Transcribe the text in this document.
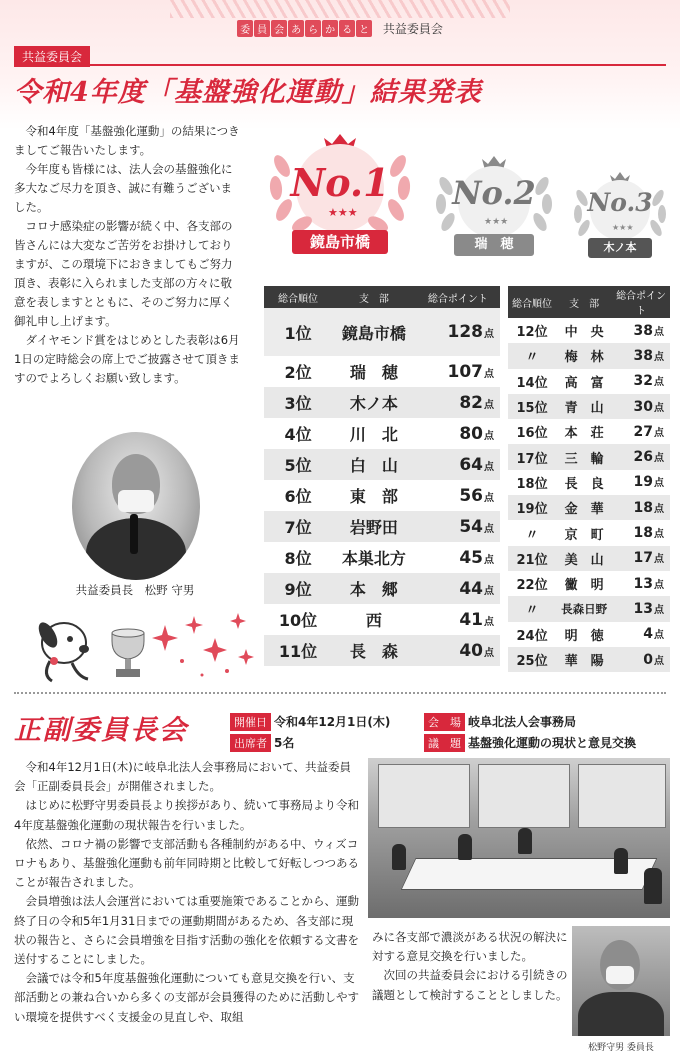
委 員 会 あ ら か る と 共益委員会
共益委員会
令和4年度「基盤強化運動」結果発表

令和4年度「基盤強化運動」の結果につきましてご報告いたします。

今年度も皆様には、法人会の基盤強化に多大なご尽力を頂き、誠に有難うございました。

コロナ感染症の影響が続く中、各支部の皆さんには大変なご苦労をお掛けしておりますが、この環境下におきましてもご努力頂き、表彰に入られました支部の方々に敬意を表しますとともに、そのご努力に厚く御礼申し上げます。

ダイヤモンド賞をはじめとした表彰は6月1日の定時総会の席上でご披露させて頂きますのでよろしくお願い致します。

共益委員長　松野 守男
★★★
No.1
鏡島市橋
★★★
No.2
瑞　穂
★★★
No.3
木ノ本
総合順位	支　部	総合ポイント
1位	鏡島市橋	128点
2位	瑞　穂	107点
3位	木ノ本	82点
4位	川　北	80点
5位	白　山	64点
6位	東　部	56点
7位	岩野田	54点
8位	本巣北方	45点
9位	本　郷	44点
10位	西	41点
11位	長　森	40点
総合順位	支　部	総合ポイント
12位	中　央	38点
〃	梅　林	38点
14位	高　富	32点
15位	青　山	30点
16位	本　荘	27点
17位	三　輪	26点
18位	長　良	19点
19位	金　華	18点
〃	京　町	18点
21位	美　山	17点
22位	黴　明	13点
〃	長森日野	13点
24位	明　徳	4点
25位	華　陽	0点
正副委員長会	開催日 令和4年12月1日(木)
出席者 5名
会　場 岐阜北法人会事務局
議　題 基盤強化運動の現状と意見交換

令和4年12月1日(木)に岐阜北法人会事務局において、共益委員会「正副委員長会」が開催されました。

はじめに松野守男委員長より挨拶があり、続いて事務局より令和4年度基盤強化運動の現状報告を行いました。

依然、コロナ禍の影響で支部活動も各種制約がある中、ウィズコロナもあり、基盤強化運動も前年同時期と比較して好転しつつあることが報告されました。

会員増強は法人会運営においては重要施策であることから、運動終了日の令和5年1月31日までの運動期間があるため、各支部に現状の報告と、さらに会員増強を目指す活動の強化を依頼する文書を送付することにしました。

会議では令和5年度基盤強化運動についても意見交換を行い、支部活動との兼ね合いから多くの支部が会員獲得のために活動しやすい環境を提供すべく支援金の見直しや、取組

みに各支部で濃淡がある状況の解決に対する意見交換を行いました。

次回の共益委員会における引続きの議題として検討することとしました。

松野守男 委員長
